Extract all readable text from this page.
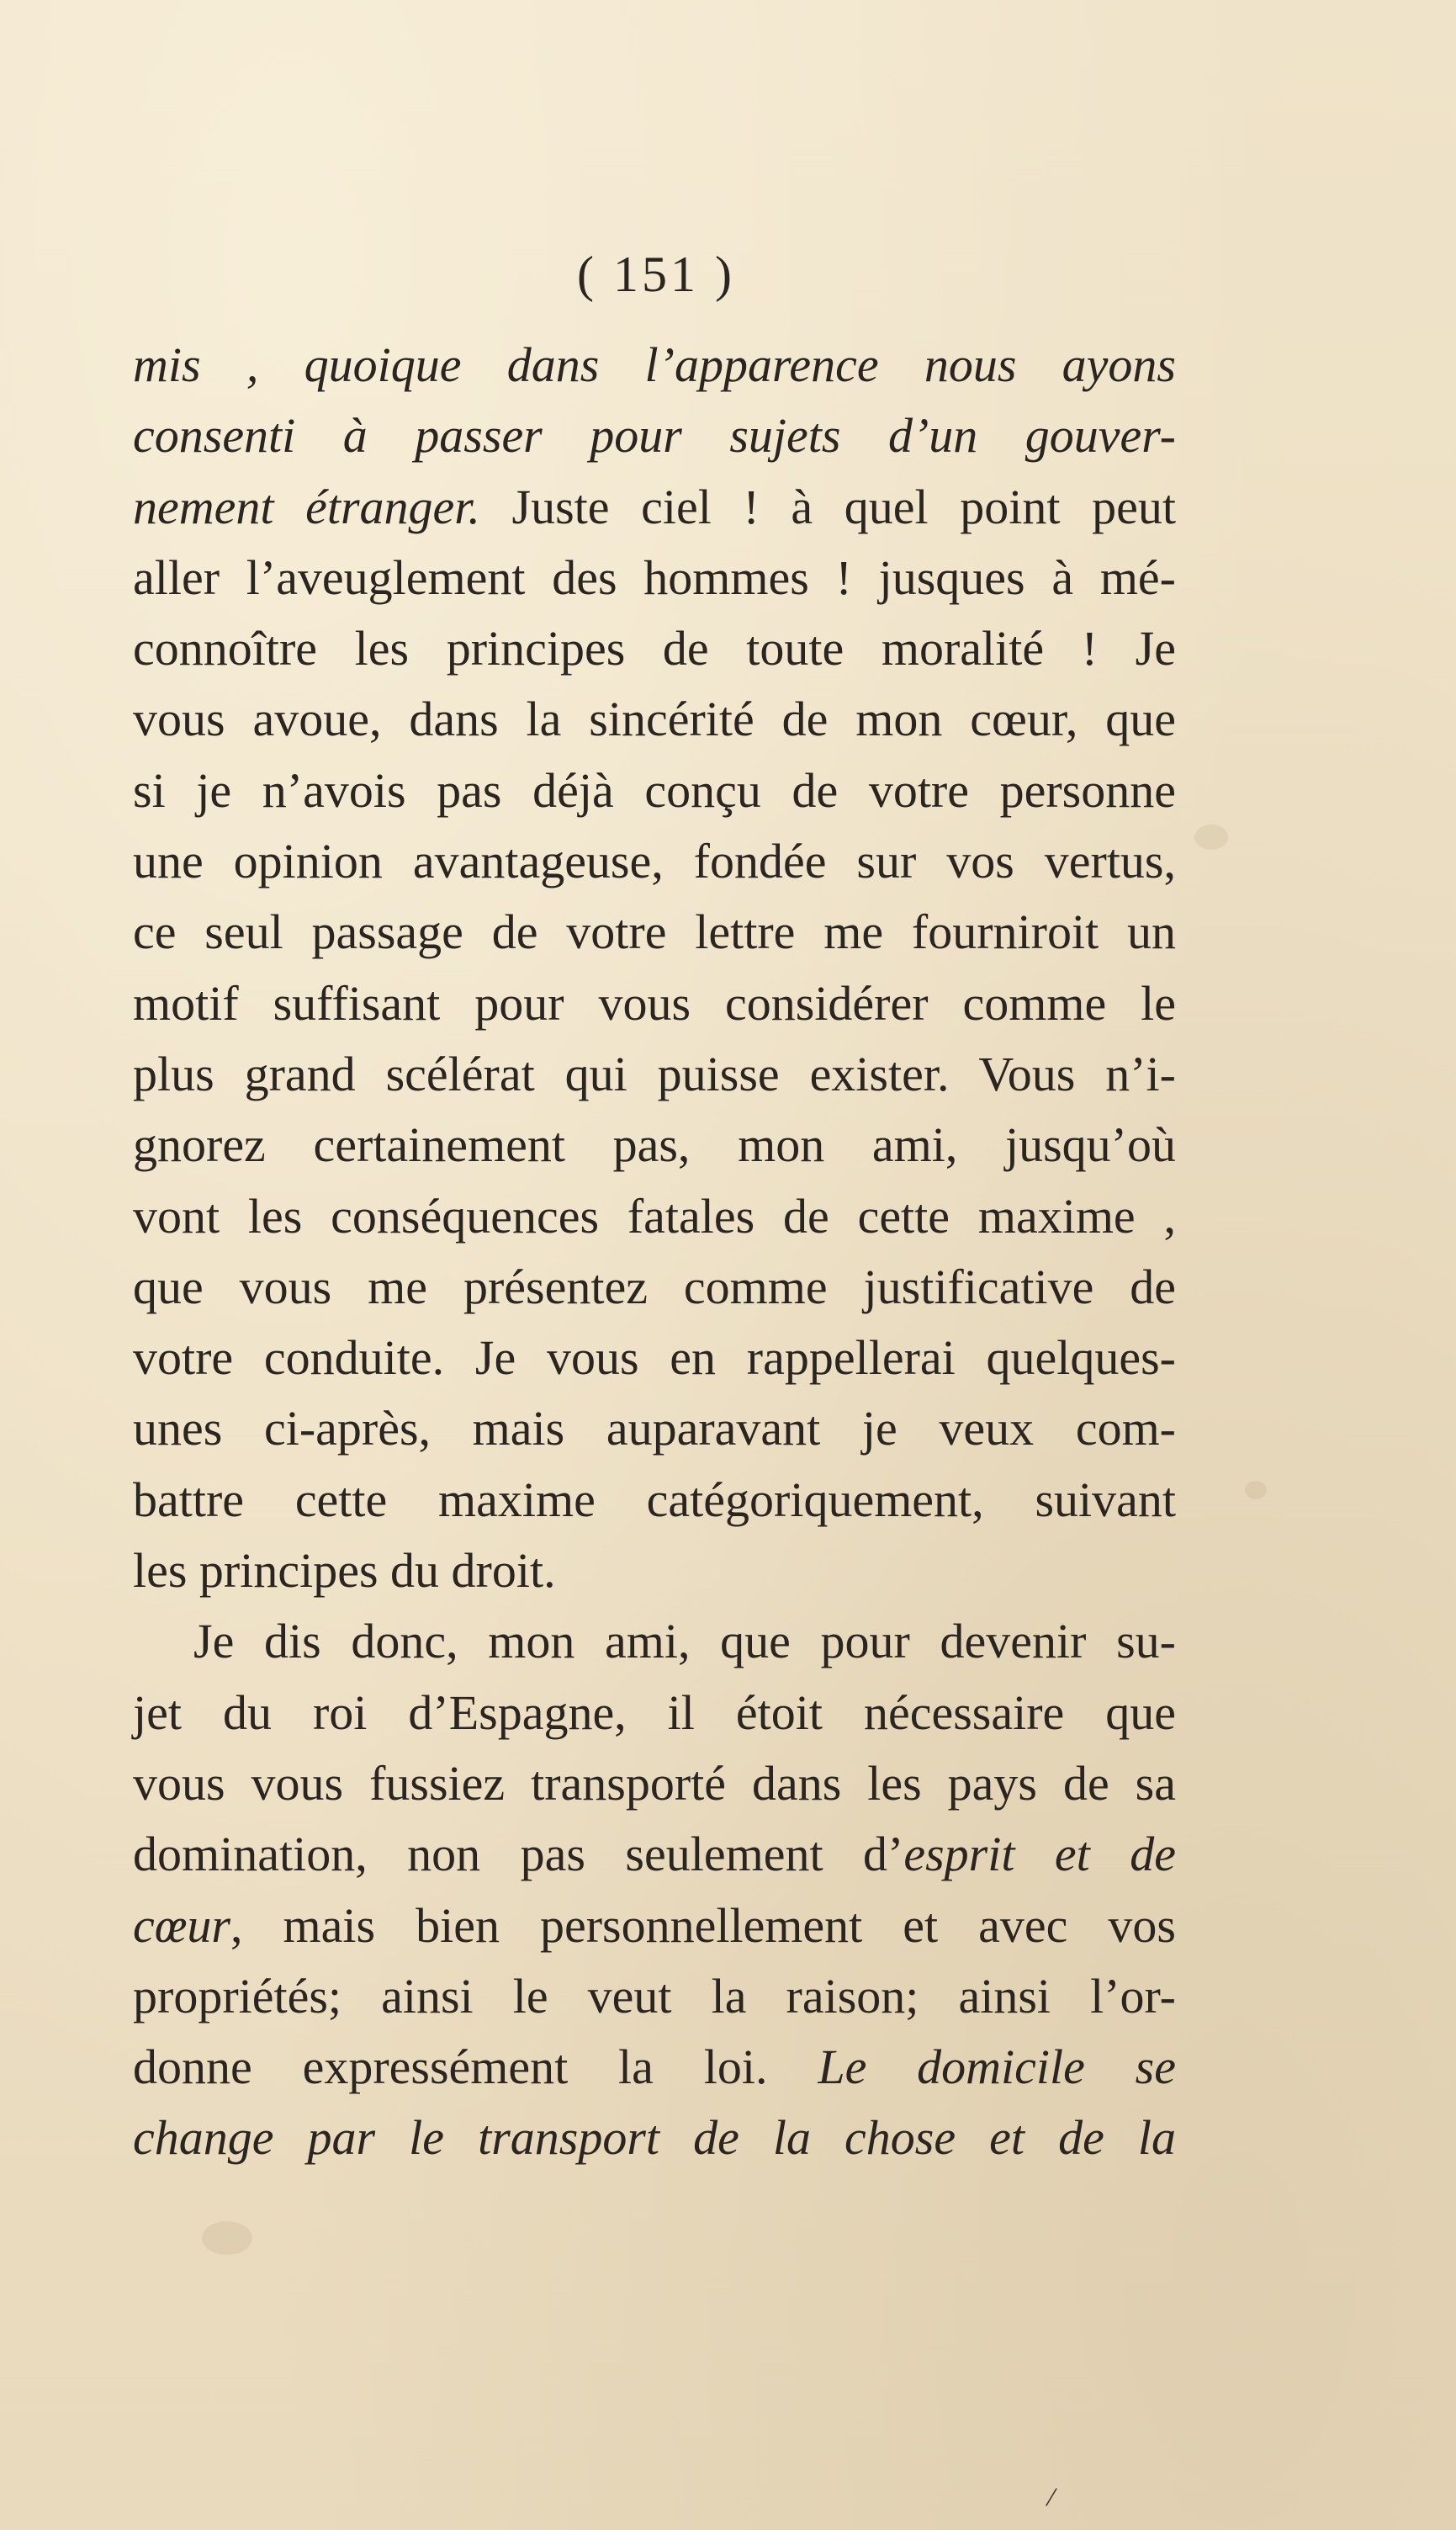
( 151 )
mis , quoique dans l’apparence nous ayons
consenti à passer pour sujets d’un gouver-
nement étranger. Juste ciel ! à quel point peut
aller l’aveuglement des hommes ! jusques à mé-
connoître les principes de toute moralité ! Je
vous avoue, dans la sincérité de mon cœur, que
si je n’avois pas déjà conçu de votre personne
une opinion avantageuse, fondée sur vos vertus,
ce seul passage de votre lettre me fourniroit un
motif suffisant pour vous considérer comme le
plus grand scélérat qui puisse exister. Vous n’i-
gnorez certainement pas, mon ami, jusqu’où
vont les conséquences fatales de cette maxime ,
que vous me présentez comme justificative de
votre conduite. Je vous en rappellerai quelques-
unes ci-après, mais auparavant je veux com-
battre cette maxime catégoriquement, suivant
les principes du droit.
Je dis donc, mon ami, que pour devenir su-
jet du roi d’Espagne, il étoit nécessaire que
vous vous fussiez transporté dans les pays de sa
domination, non pas seulement d’esprit et de
cœur, mais bien personnellement et avec vos
propriétés; ainsi le veut la raison; ainsi l’or-
donne expressément la loi. Le domicile se
change par le transport de la chose et de la
/
